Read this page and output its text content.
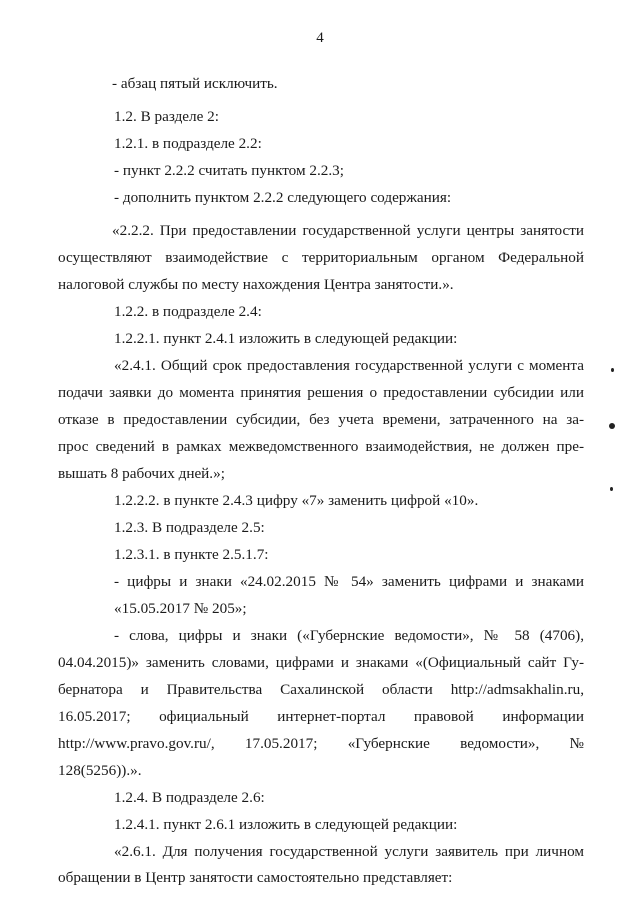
4
- абзац пятый исключить.
1.2. В разделе 2:
1.2.1. в подразделе 2.2:
- пункт 2.2.2 считать пунктом 2.2.3;
- дополнить пунктом 2.2.2 следующего содержания:
«2.2.2. При предоставлении государственной услуги центры занятости
осуществляют взаимодействие с территориальным органом Федеральной
налоговой службы по месту нахождения Центра занятости.».
1.2.2. в подразделе 2.4:
1.2.2.1. пункт 2.4.1 изложить в следующей редакции:
«2.4.1. Общий срок предоставления государственной услуги с момента
подачи заявки до момента принятия решения о предоставлении субсидии или
отказе в предоставлении субсидии, без учета времени, затраченного на за-
прос сведений в рамках межведомственного взаимодействия, не должен пре-
вышать 8 рабочих дней.»;
1.2.2.2. в пункте 2.4.3 цифру «7» заменить цифрой «10».
1.2.3. В подразделе 2.5:
1.2.3.1. в пункте 2.5.1.7:
- цифры и знаки «24.02.2015 № 54» заменить цифрами и знаками
«15.05.2017 № 205»;
- слова, цифры и знаки («Губернские ведомости», № 58 (4706),
04.04.2015)» заменить словами, цифрами и знаками «(Официальный сайт Гу-
бернатора и Правительства Сахалинской области http://admsakhalin.ru,
16.05.2017; официальный интернет-портал правовой информации
http://www.pravo.gov.ru/, 17.05.2017; «Губернские ведомости», №
128(5256)).».
1.2.4. В подразделе 2.6:
1.2.4.1. пункт 2.6.1 изложить в следующей редакции:
«2.6.1. Для получения государственной услуги заявитель при личном
обращении в Центр занятости самостоятельно представляет:
